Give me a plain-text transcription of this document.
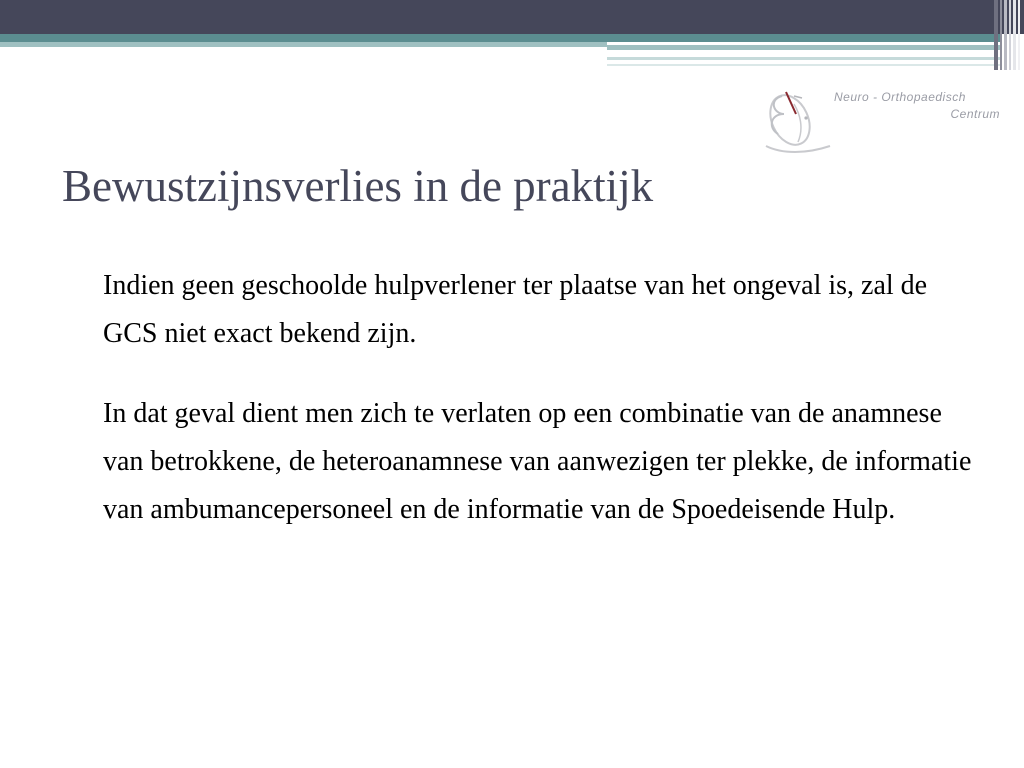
Neuro - Orthopaedisch
Centrum
Bewustzijnsverlies in de praktijk

Indien geen geschoolde hulpverlener ter plaatse van het ongeval is, zal de GCS niet exact bekend zijn.

In dat geval dient men zich te verlaten op een combinatie van de anamnese van betrokkene, de heteroanamnese van aanwezigen ter plekke, de informatie van ambumancepersoneel en de informatie van de Spoedeisende Hulp.
